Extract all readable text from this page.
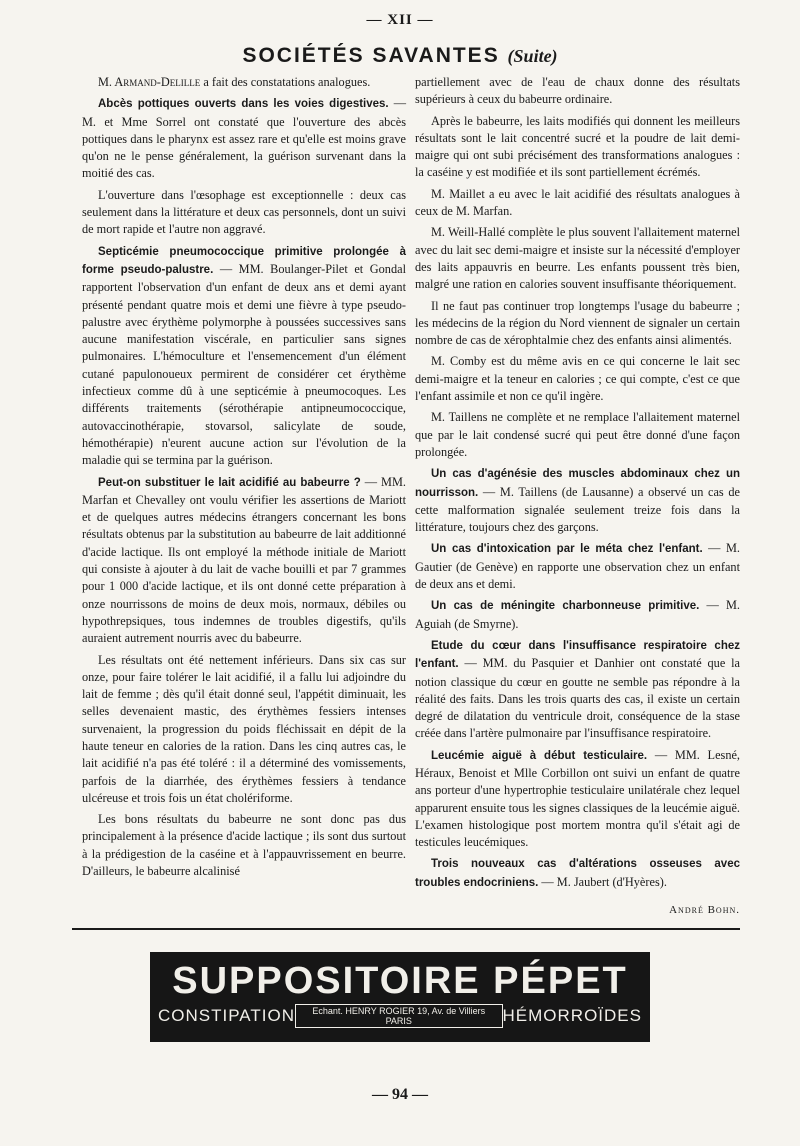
— XII —
SOCIÉTÉS SAVANTES (Suite)

M. Armand-Delille a fait des constatations analogues.

Abcès pottiques ouverts dans les voies digestives. — M. et Mme Sorrel ont constaté que l'ouverture des abcès pottiques dans le pharynx est assez rare et qu'elle est moins grave qu'on ne le pense généralement, la guérison survenant dans la moitié des cas.

L'ouverture dans l'œsophage est exceptionnelle : deux cas seulement dans la littérature et deux cas personnels, dont un suivi de mort rapide et l'autre non aggravé.

Septicémie pneumococcique primitive prolongée à forme pseudo-palustre. — MM. Boulanger-Pilet et Gondal rapportent l'observation d'un enfant de deux ans et demi ayant présenté pendant quatre mois et demi une fièvre à type pseudo-palustre avec érythème polymorphe à poussées successives sans aucune manifestation viscérale, en particulier sans signes pulmonaires. L'hémoculture et l'ensemencement d'un élément cutané papulonoueux permirent de considérer cet érythème infectieux comme dû à une septicémie à pneumocoques. Les différents traitements (sérothérapie antipneumococcique, autovaccinothérapie, stovarsol, salicylate de soude, hémothérapie) n'eurent aucune action sur l'évolution de la maladie qui se termina par la guérison.

Peut-on substituer le lait acidifié au babeurre ? — MM. Marfan et Chevalley ont voulu vérifier les assertions de Mariott et de quelques autres médecins étrangers concernant les bons résultats obtenus par la substitution au babeurre de lait additionné d'acide lactique. Ils ont employé la méthode initiale de Mariott qui consiste à ajouter à du lait de vache bouilli et par 7 grammes pour 1 000 d'acide lactique, et ils ont donné cette préparation à onze nourrissons de moins de deux mois, normaux, débiles ou hypothrepsiques, tous indemnes de troubles digestifs, qu'ils auraient autrement nourris avec du babeurre.

Les résultats ont été nettement inférieurs. Dans six cas sur onze, pour faire tolérer le lait acidifié, il a fallu lui adjoindre du lait de femme ; dès qu'il était donné seul, l'appétit diminuait, les selles devenaient mastic, des érythèmes fessiers intenses survenaient, la progression du poids fléchissait en dépit de la haute teneur en calories de la ration. Dans les cinq autres cas, le lait acidifié n'a pas été toléré : il a déterminé des vomissements, parfois de la diarrhée, des érythèmes fessiers à tendance ulcéreuse et trois fois un état cholériforme.

Les bons résultats du babeurre ne sont donc pas dus principalement à la présence d'acide lactique ; ils sont dus surtout à la prédigestion de la caséine et à l'appauvrissement en beurre. D'ailleurs, le babeurre alcalinisé

partiellement avec de l'eau de chaux donne des résultats supérieurs à ceux du babeurre ordinaire.

Après le babeurre, les laits modifiés qui donnent les meilleurs résultats sont le lait concentré sucré et la poudre de lait demi-maigre qui ont subi précisément des transformations analogues : la caséine y est modifiée et ils sont partiellement écrémés.

M. Maillet a eu avec le lait acidifié des résultats analogues à ceux de M. Marfan.

M. Weill-Hallé complète le plus souvent l'allaitement maternel avec du lait sec demi-maigre et insiste sur la nécessité d'employer des laits appauvris en beurre. Les enfants poussent très bien, malgré une ration en calories souvent insuffisante théoriquement.

Il ne faut pas continuer trop longtemps l'usage du babeurre ; les médecins de la région du Nord viennent de signaler un certain nombre de cas de xérophtalmie chez des enfants ainsi alimentés.

M. Comby est du même avis en ce qui concerne le lait sec demi-maigre et la teneur en calories ; ce qui compte, c'est ce que l'enfant assimile et non ce qu'il ingère.

M. Taillens ne complète et ne remplace l'allaitement maternel que par le lait condensé sucré qui peut être donné d'une façon prolongée.

Un cas d'agénésie des muscles abdominaux chez un nourrisson. — M. Taillens (de Lausanne) a observé un cas de cette malformation signalée seulement treize fois dans la littérature, toujours chez des garçons.

Un cas d'intoxication par le méta chez l'enfant. — M. Gautier (de Genève) en rapporte une observation chez un enfant de deux ans et demi.

Un cas de méningite charbonneuse primitive. — M. Aguiah (de Smyrne).

Etude du cœur dans l'insuffisance respiratoire chez l'enfant. — MM. du Pasquier et Danhier ont constaté que la notion classique du cœur en goutte ne semble pas répondre à la réalité des faits. Dans les trois quarts des cas, il existe un certain degré de dilatation du ventricule droit, conséquence de la stase créée dans l'artère pulmonaire par l'insuffisance respiratoire.

Leucémie aiguë à début testiculaire. — MM. Lesné, Héraux, Benoist et Mlle Corbillon ont suivi un enfant de quatre ans porteur d'une hypertrophie testiculaire unilatérale chez lequel apparurent ensuite tous les signes classiques de la leucémie aiguë. L'examen histologique post mortem montra qu'il s'était agi de testicules leucémiques.

Trois nouveaux cas d'altérations osseuses avec troubles endocriniens. — M. Jaubert (d'Hyères).

André Bohn.

SUPPOSITOIRE PÉPET
CONSTIPATION	Echant. HENRY ROGIER 19, Av. de Villiers PARIS	HÉMORROÏDES
— 94 —
